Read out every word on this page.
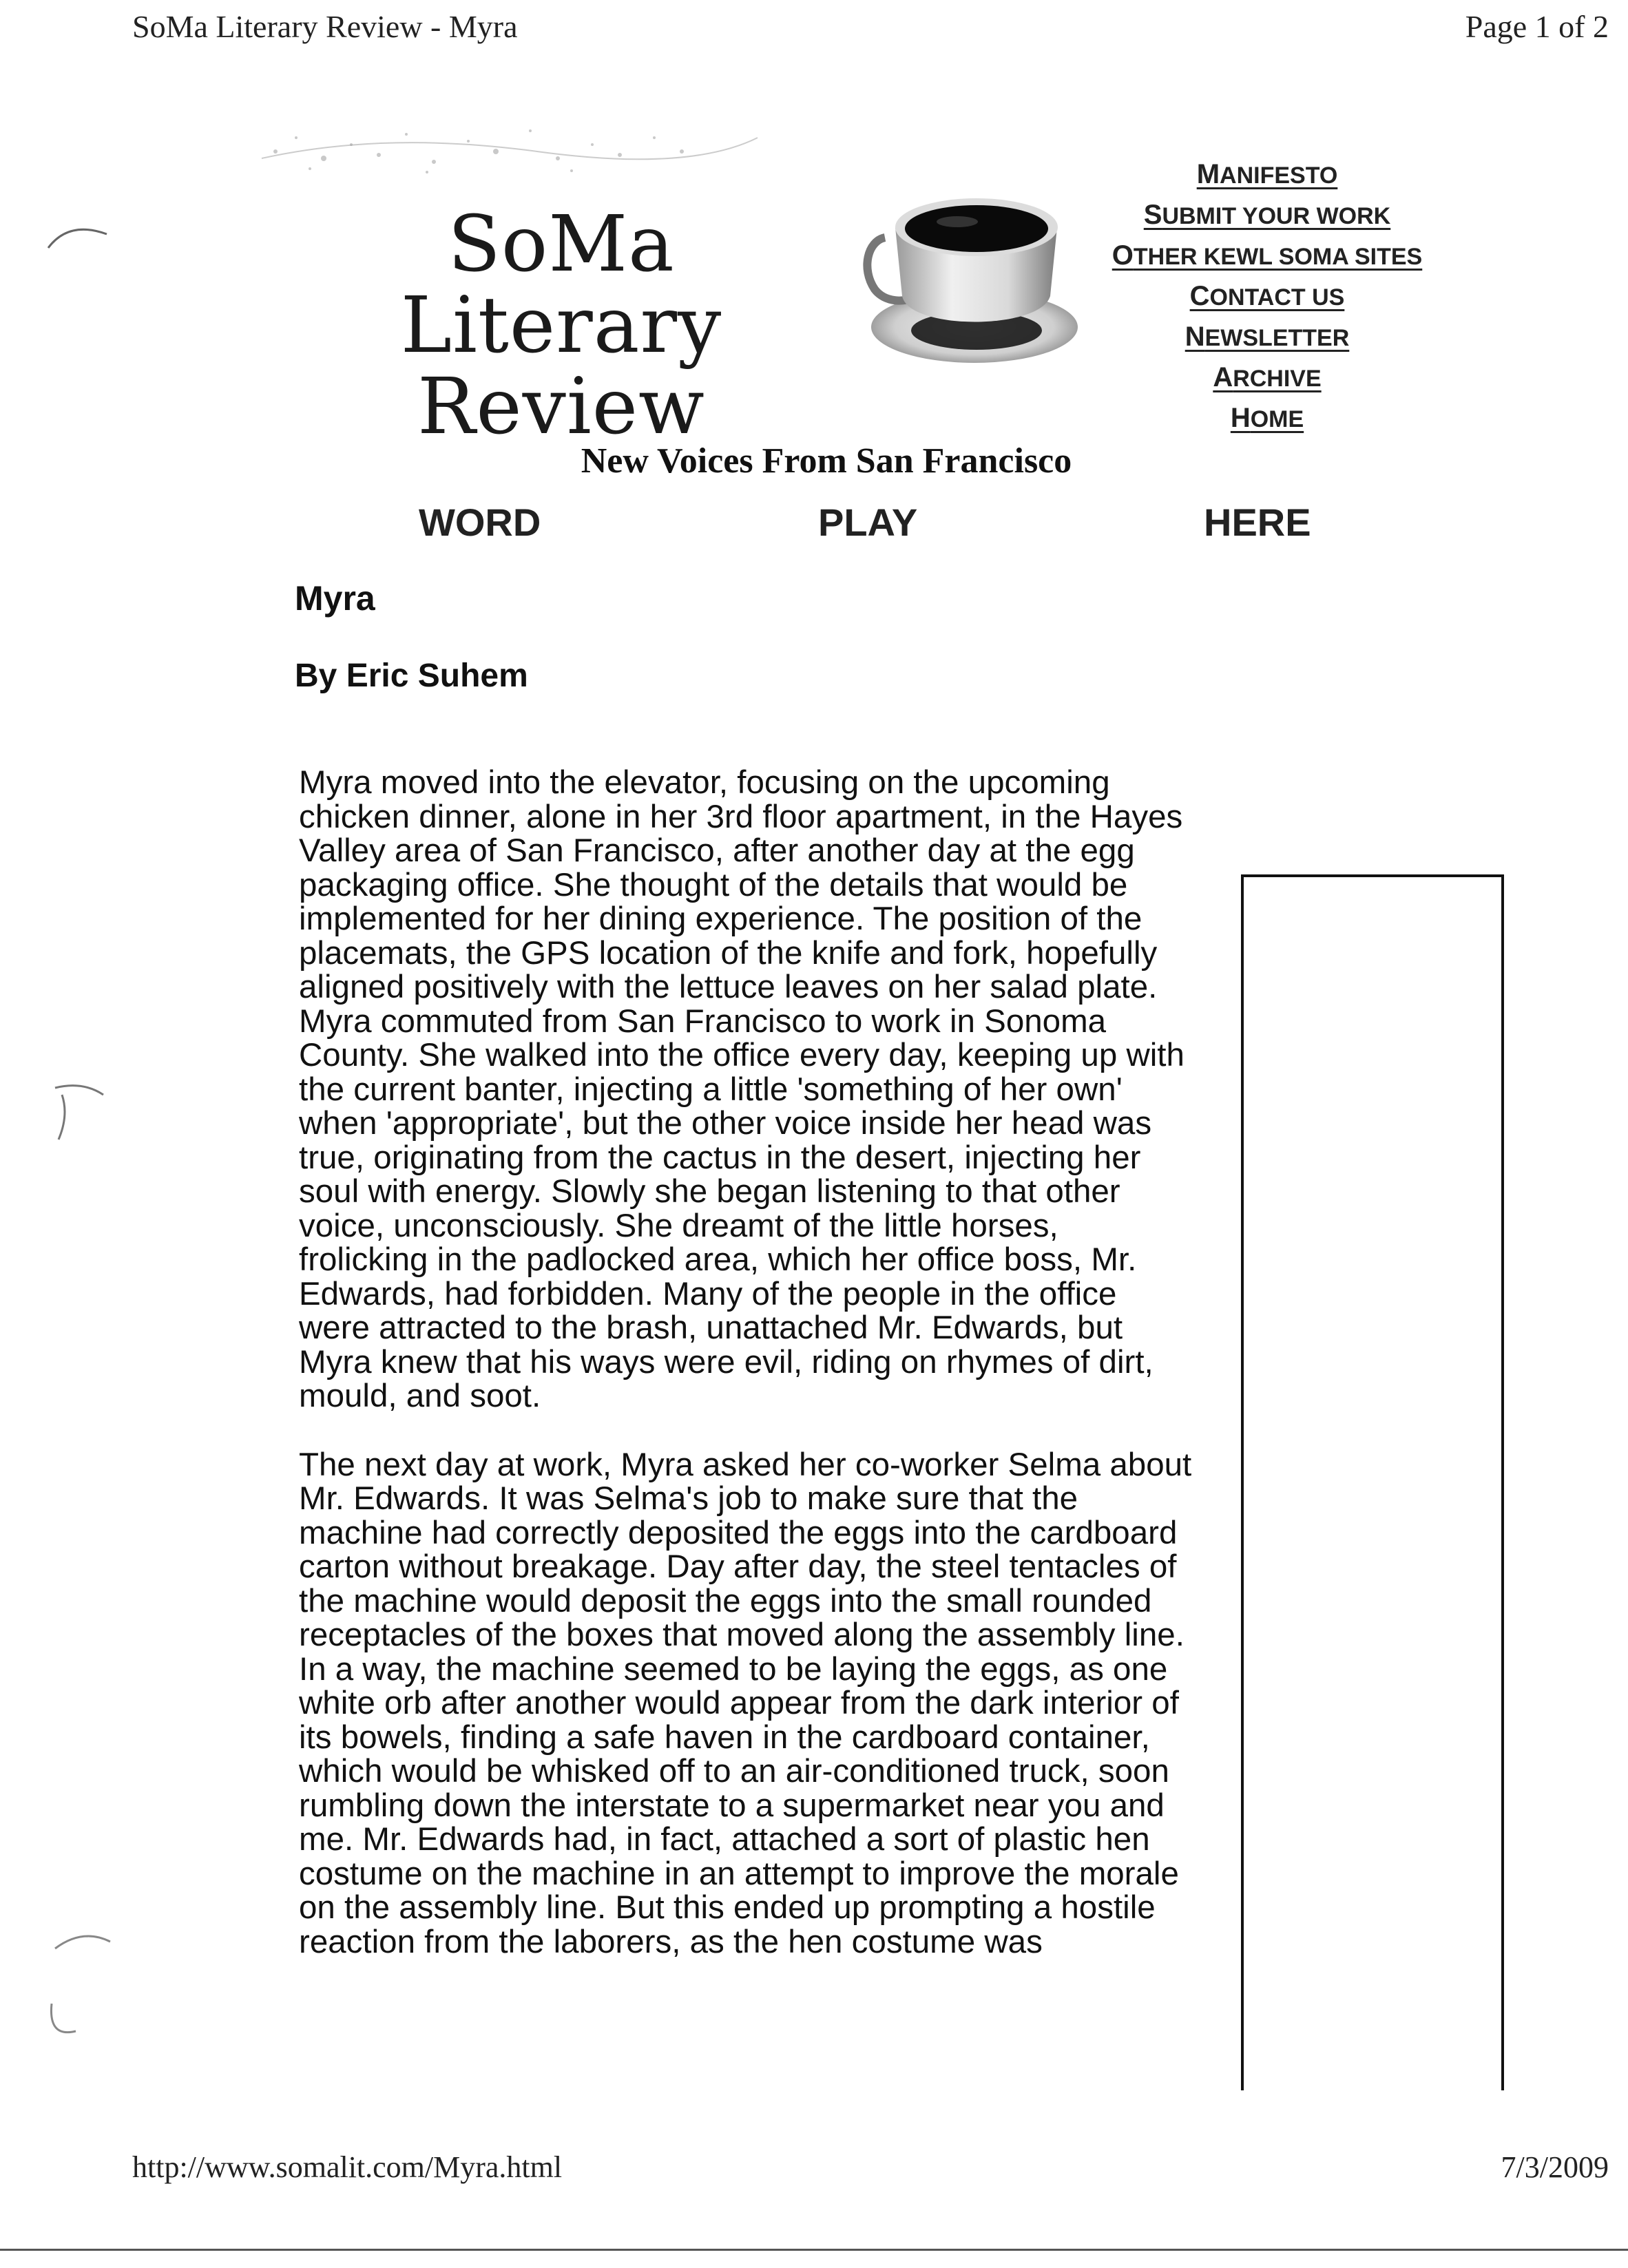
SoMa Literary Review - Myra	Page 1 of 2
SoMa Literary
Review
MANIFESTO
SUBMIT YOUR WORK
OTHER KEWL SOMA SITES
CONTACT US
NEWSLETTER
ARCHIVE
HOME
New Voices From San Francisco
WORD	PLAY	HERE
Myra
By Eric Suhem

Myra moved into the elevator, focusing on the upcoming chicken dinner, alone in her 3rd floor apartment, in the Hayes Valley area of San Francisco, after another day at the egg packaging office. She thought of the details that would be implemented for her dining experience. The position of the placemats, the GPS location of the knife and fork, hopefully aligned positively with the lettuce leaves on her salad plate. Myra commuted from San Francisco to work in Sonoma County. She walked into the office every day, keeping up with the current banter, injecting a little 'something of her own' when 'appropriate', but the other voice inside her head was true, originating from the cactus in the desert, injecting her soul with energy. Slowly she began listening to that other voice, unconsciously. She dreamt of the little horses, frolicking in the padlocked area, which her office boss, Mr. Edwards, had forbidden. Many of the people in the office were attracted to the brash, unattached Mr. Edwards, but Myra knew that his ways were evil, riding on rhymes of dirt, mould, and soot.

The next day at work, Myra asked her co-worker Selma about Mr. Edwards. It was Selma's job to make sure that the machine had correctly deposited the eggs into the cardboard carton without breakage. Day after day, the steel tentacles of the machine would deposit the eggs into the small rounded receptacles of the boxes that moved along the assembly line. In a way, the machine seemed to be laying the eggs, as one white orb after another would appear from the dark interior of its bowels, finding a safe haven in the cardboard container, which would be whisked off to an air-conditioned truck, soon rumbling down the interstate to a supermarket near you and me. Mr. Edwards had, in fact, attached a sort of plastic hen costume on the machine in an attempt to improve the morale on the assembly line. But this ended up prompting a hostile reaction from the laborers, as the hen costume was

http://www.somalit.com/Myra.html	7/3/2009
